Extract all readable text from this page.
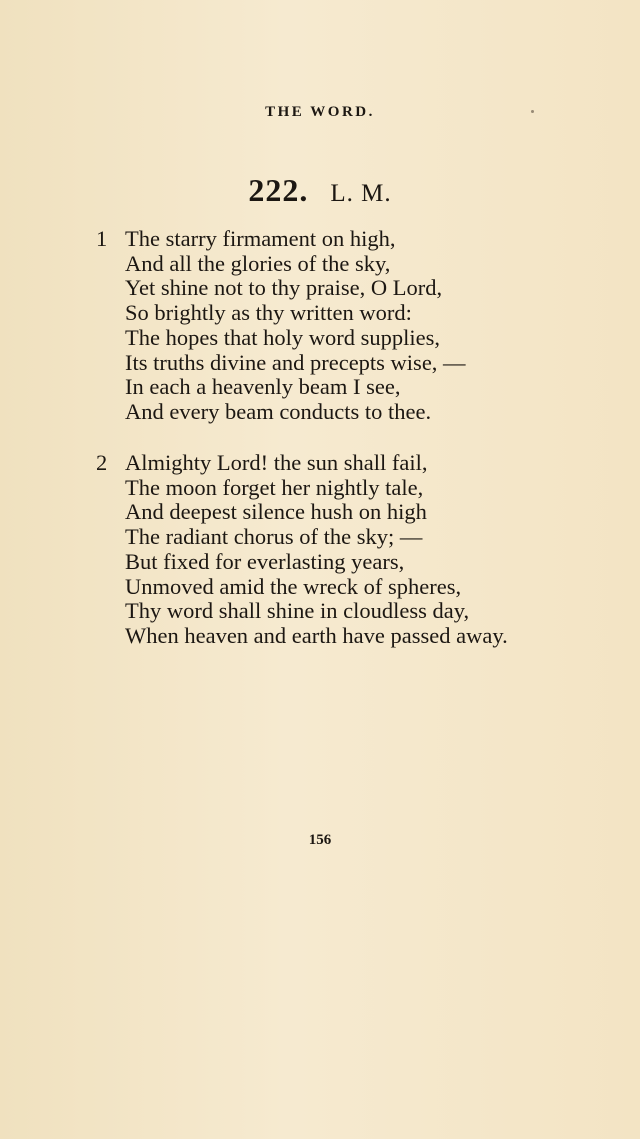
THE WORD.
222. L. M.
1 The starry firmament on high,
And all the glories of the sky,
Yet shine not to thy praise, O Lord,
So brightly as thy written word:
The hopes that holy word supplies,
Its truths divine and precepts wise, —
In each a heavenly beam I see,
And every beam conducts to thee.
2 Almighty Lord! the sun shall fail,
The moon forget her nightly tale,
And deepest silence hush on high
The radiant chorus of the sky; —
But fixed for everlasting years,
Unmoved amid the wreck of spheres,
Thy word shall shine in cloudless day,
When heaven and earth have passed away.
156
